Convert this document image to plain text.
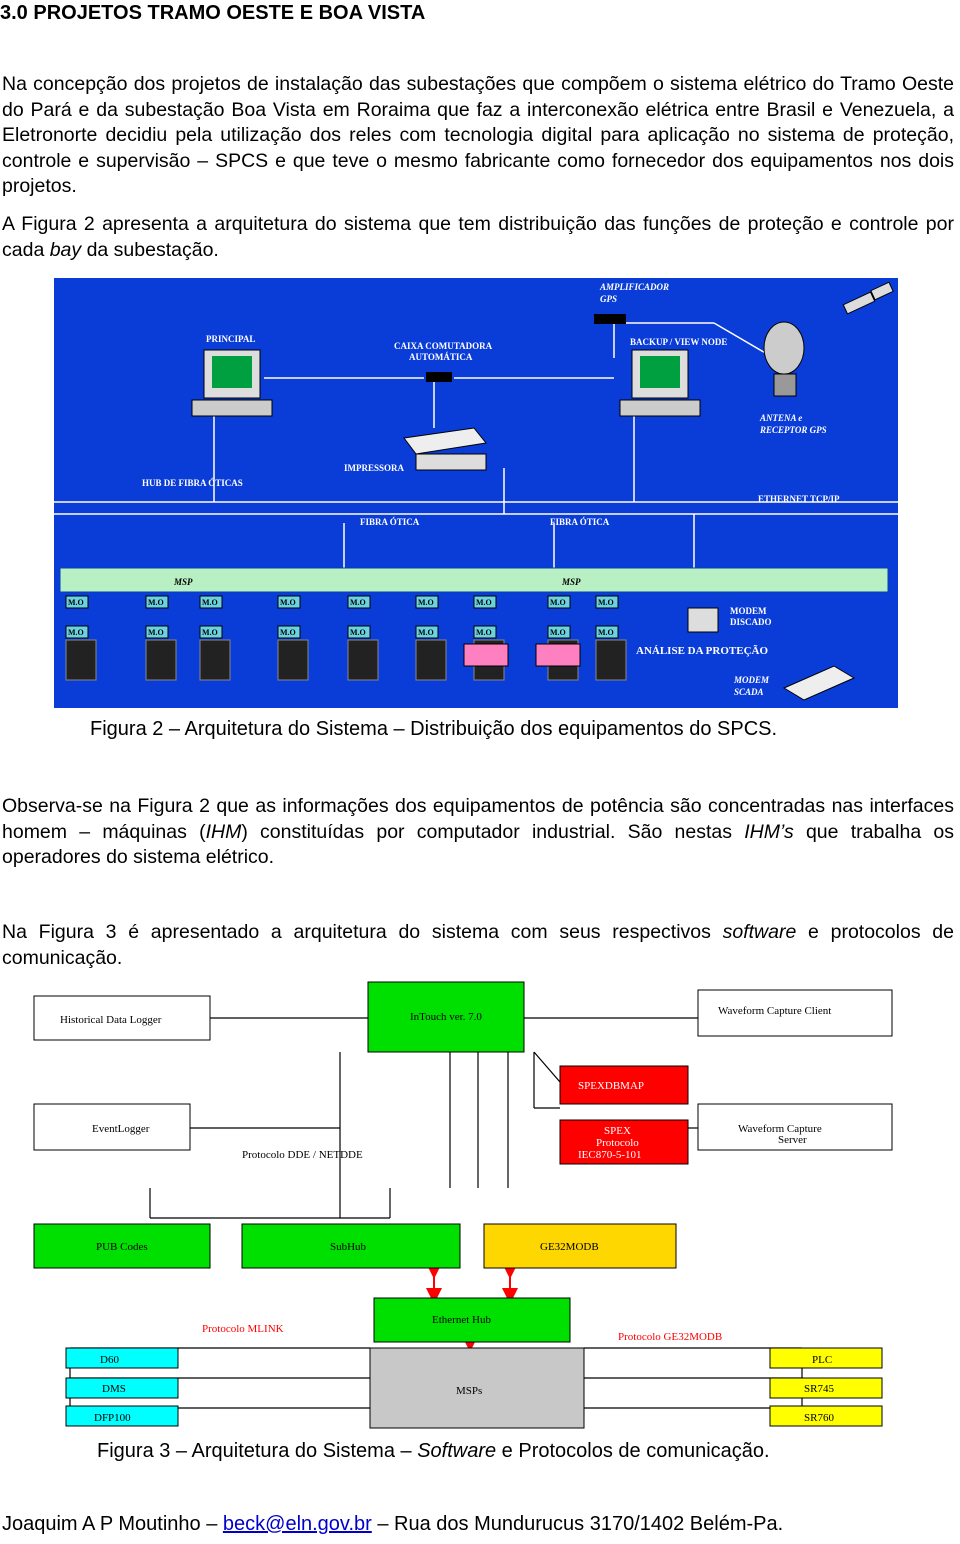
3.0 PROJETOS TRAMO OESTE E BOA VISTA
Na concepção dos projetos de instalação das subestações que compõem o sistema elétrico do Tramo Oeste do Pará e da subestação Boa Vista em Roraima que faz a interconexão elétrica entre Brasil e Venezuela, a Eletronorte decidiu pela utilização dos reles com tecnologia digital para aplicação no sistema de proteção, controle e supervisão – SPCS e que teve o mesmo fabricante como fornecedor dos equipamentos nos dois projetos.
A Figura 2 apresenta a arquitetura do sistema que tem distribuição das funções de proteção e controle por cada bay da subestação.
AMPLIFICADOR
GPS
PRINCIPAL
CAIXA COMUTADORA
AUTOMÁTICA
BACKUP / VIEW NODE
ANTENA e
RECEPTOR GPS
IMPRESSORA
HUB DE FIBRA ÓTICAS
ETHERNET TCP/IP
FIBRA ÓTICA	FIBRA ÓTICA
MSP	MSP
M.O
M.O
M.O
M.O
M.O
M.O
M.O
M.O
M.O
M.O
M.O
M.O
M.O
M.O
M.O
M.O
M.O
M.O
MODEM
DISCADO
ANÁLISE DA PROTEÇÃO
MODEM
SCADA
Figura 2 – Arquitetura do Sistema – Distribuição dos equipamentos do SPCS.
Observa-se na Figura 2 que as informações dos equipamentos de potência são concentradas nas interfaces homem – máquinas (IHM) constituídas por computador industrial. São nestas IHM’s que trabalha os operadores do sistema elétrico.
Na Figura 3 é apresentado a arquitetura do sistema com seus respectivos software e protocolos de comunicação.
Historical Data Logger	InTouch ver. 7.0	Waveform Capture Client
SPEXDBMAP
EventLogger	SPEX
Protocolo
IEC870-5-101
Waveform Capture
Server
Protocolo DDE / NETDDE
PUB Codes	SubHub	GE32MODB
Ethernet Hub
Protocolo MLINK
Protocolo GE32MODB
D60
DMS
DFP100
MSPs
PLC
SR745
SR760
Figura 3 – Arquitetura do Sistema – Software e Protocolos de comunicação.
Joaquim A P Moutinho – beck@eln.gov.br – Rua dos Mundurucus 3170/1402 Belém-Pa.
